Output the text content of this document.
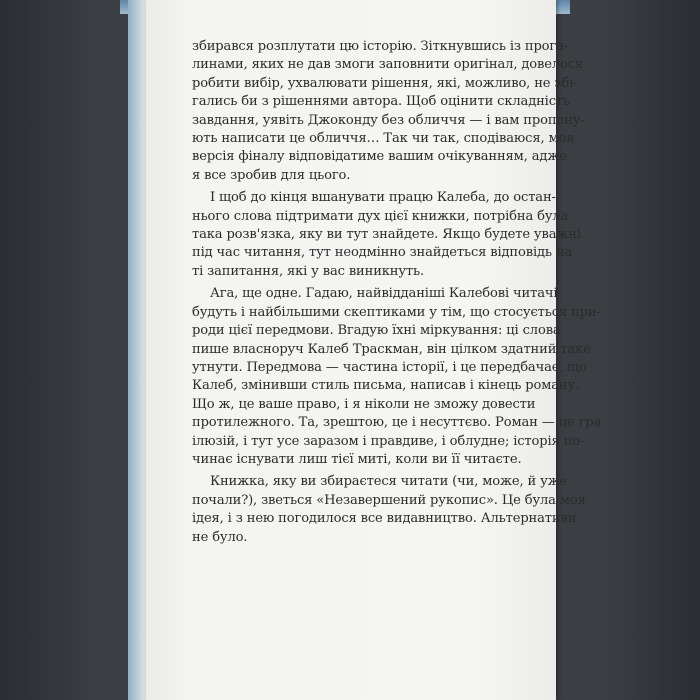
збирався розплутати цю історію. Зіткнувшись із прога-
линами, яких не дав змоги заповнити оригінал, довелося
робити вибір, ухвалювати рішення, які, можливо, не збі-
гались би з рішеннями автора. Щоб оцінити складність
завдання, уявіть Джоконду без обличчя — і вам пропону-
ють написати це обличчя… Так чи так, сподіваюся, моя
версія фіналу відповідатиме вашим очікуванням, адже
я все зробив для цього.

І щоб до кінця вшанувати працю Калеба, до остан-
нього слова підтримати дух цієї книжки, потрібна була
така розв'язка, яку ви тут знайдете. Якщо будете уважні
під час читання, тут неодмінно знайдеться відповідь на
ті запитання, які у вас виникнуть.

Ага, ще одне. Гадаю, найвідданіші Калебові читачі
будуть і найбільшими скептиками у тім, що стосується при-
роди цієї передмови. Вгадую їхні міркування: ці слова
пише власноруч Калеб Трaскман, він цілком здатний таке
утнути. Передмова — частина історії, і це передбачає, що
Калеб, змінивши стиль письма, написав і кінець роману.
Що ж, це ваше право, і я ніколи не зможу довести
протилежного. Та, зрештою, це і несуттєво. Роман — це гра
ілюзій, і тут усе заразом і правдиве, і облудне; історія по-
чинає існувати лиш тієї миті, коли ви її читаєте.

Книжка, яку ви збираєтеся читати (чи, може, й уже
почали?), зветься «Незавершений рукопис». Це була моя
ідея, і з нею погодилося все видавництво. Альтернативи
не було.
